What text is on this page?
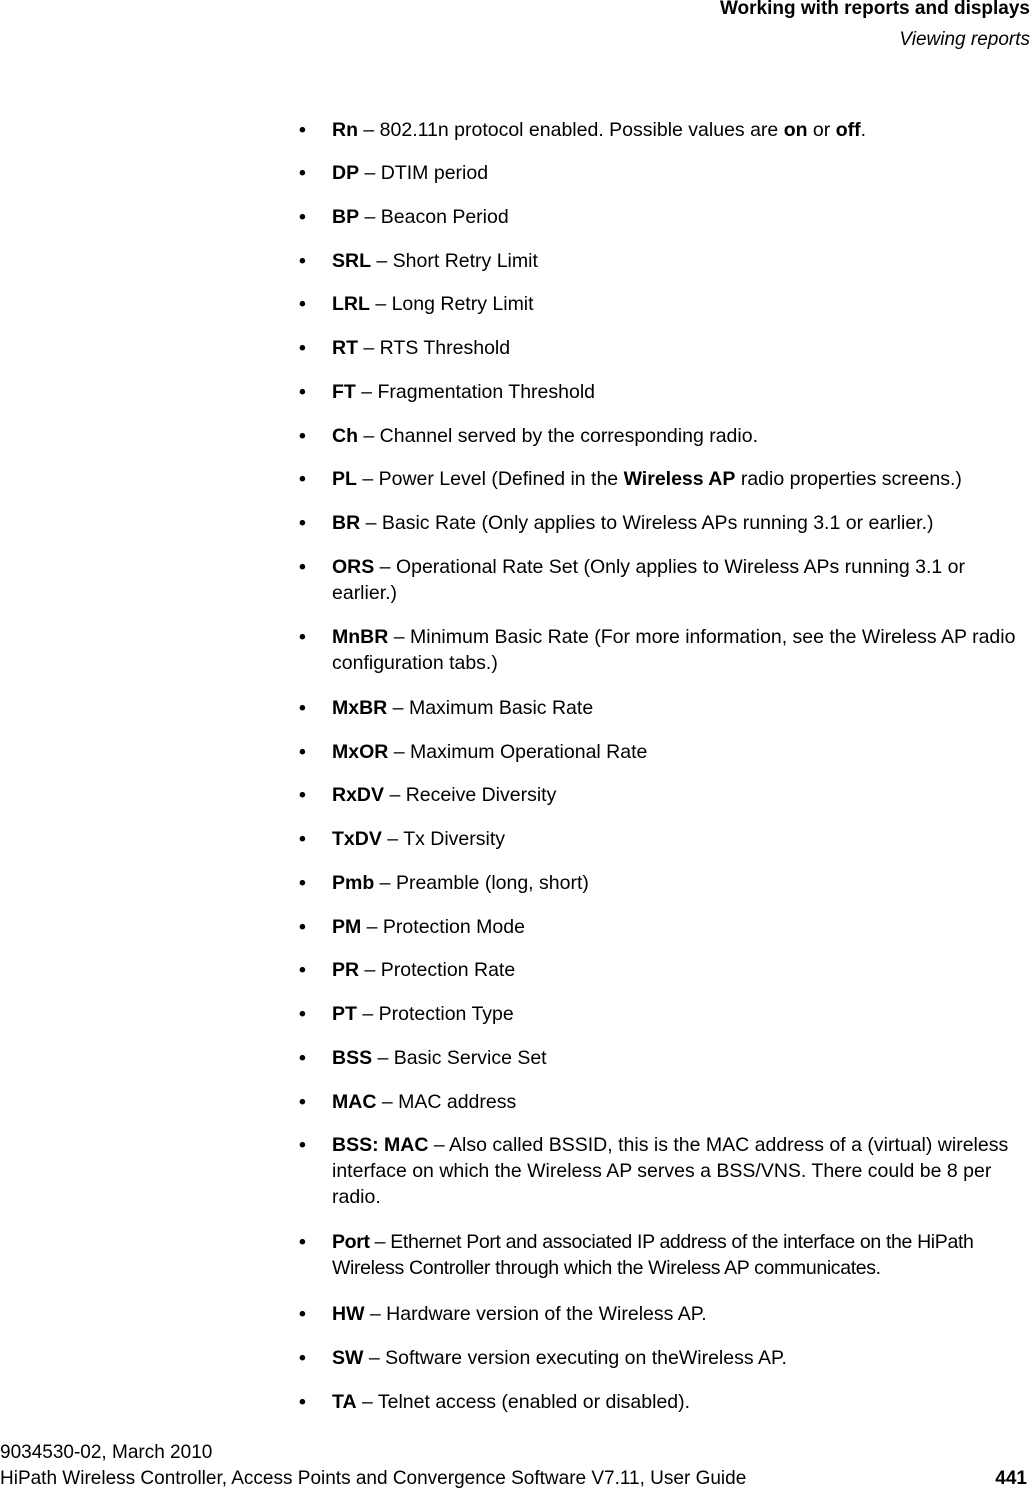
Working with reports and displays
Viewing reports
• Rn – 802.11n protocol enabled. Possible values are on or off.
• DP – DTIM period
• BP – Beacon Period
• SRL – Short Retry Limit
• LRL – Long Retry Limit
• RT – RTS Threshold
• FT – Fragmentation Threshold
• Ch – Channel served by the corresponding radio.
• PL – Power Level (Defined in the Wireless AP radio properties screens.)
• BR – Basic Rate (Only applies to Wireless APs running 3.1 or earlier.)
• ORS – Operational Rate Set (Only applies to Wireless APs running 3.1 or earlier.)
• MnBR – Minimum Basic Rate (For more information, see the Wireless AP radio configuration tabs.)
• MxBR – Maximum Basic Rate
• MxOR – Maximum Operational Rate
• RxDV – Receive Diversity
• TxDV – Tx Diversity
• Pmb – Preamble (long, short)
• PM – Protection Mode
• PR – Protection Rate
• PT – Protection Type
• BSS – Basic Service Set
• MAC – MAC address
• BSS: MAC – Also called BSSID, this is the MAC address of a (virtual) wireless interface on which the Wireless AP serves a BSS/VNS. There could be 8 per radio.
• Port – Ethernet Port and associated IP address of the interface on the HiPath Wireless Controller through which the Wireless AP communicates.
• HW – Hardware version of the Wireless AP.
• SW – Software version executing on theWireless AP.
• TA – Telnet access (enabled or disabled).
9034530-02, March 2010
HiPath Wireless Controller, Access Points and Convergence Software V7.11, User Guide	441
